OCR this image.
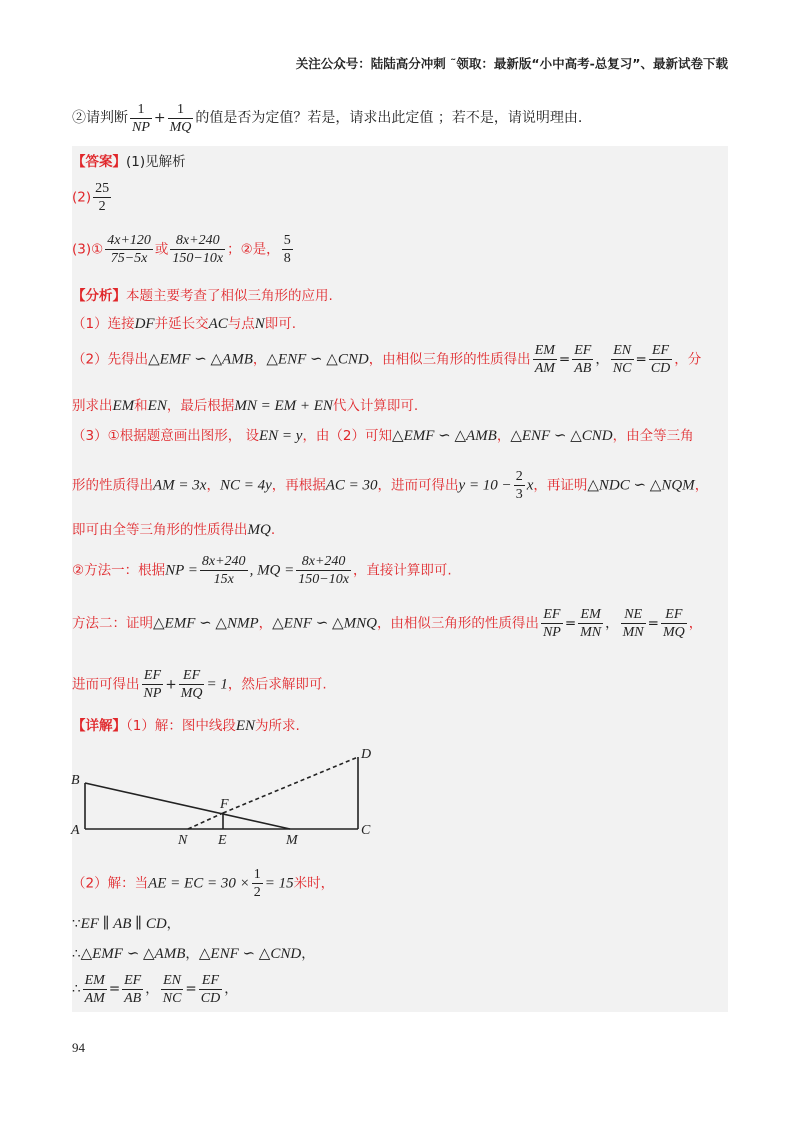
关注公众号：陆陆高分冲刺 ˜领取：最新版“小中高考-总复习”、最新试卷下载
②请判断 $\frac{1}{NP} + \frac{1}{MQ}$ 的值是否为定值？若是，请求出此定值 ；若不是，请说明理由.
【答案】(1)见解析
$(2) \frac{25}{2}$
(3)① $\frac{4x+120}{75-5x}$ 或 $\frac{8x+240}{150-10x}$ ；②是， $\frac{5}{8}$
【分析】本题主要考查了相似三角形的应用.
（1）连接DF并延长交AC与点N即可.
（2）先得出△EMF ∽ △AMB，△ENF ∽ △CND，由相似三角形的性质得出 $\frac{EM}{AM} = \frac{EF}{AB}$ ， $\frac{EN}{NC} = \frac{EF}{CD}$ ，分
别求出EM和EN，最后根据MN = EM + EN代入计算即可.
（3）①根据题意画出图形， 设EN = y，由（2）可知△EMF ∽ △AMB，△ENF ∽ △CND，由全等三角
形的性质得出AM = 3x，NC = 4y，再根据AC = 30，进而可得出$y = 10 - \frac{2}{3}$ x，再证明△NDC ∽ △NQM，
即可由全等三角形的性质得出MQ.
②方法一：根据NP = $\frac{8x+240}{15x}$ , MQ = $\frac{8x+240}{150-10x}$ ，直接计算即可.
方法二：证明△EMF ∽ △NMP，△ENF ∽ △MNQ，由相似三角形的性质得出 $\frac{EF}{NP} = \frac{EM}{MN}$ ， $\frac{NE}{MN} = \frac{EF}{MQ}$ ，
进而可得出 $\frac{EF}{NP} + \frac{EF}{MQ} = 1$，然后求解即可.
【详解】（1）解：图中线段EN为所求.
B
A
F
N E	M
C
D
（2）解：当AE = EC = $30 \times \frac{1}{2} = 15$米时，
∵EF ∥ AB ∥ CD，
∴△EMF ∽ △AMB，△ENF ∽ △CND，
∴ $\frac{EM}{AM} = \frac{EF}{AB}$ ， $\frac{EN}{NC} = \frac{EF}{CD}$ ，
94
